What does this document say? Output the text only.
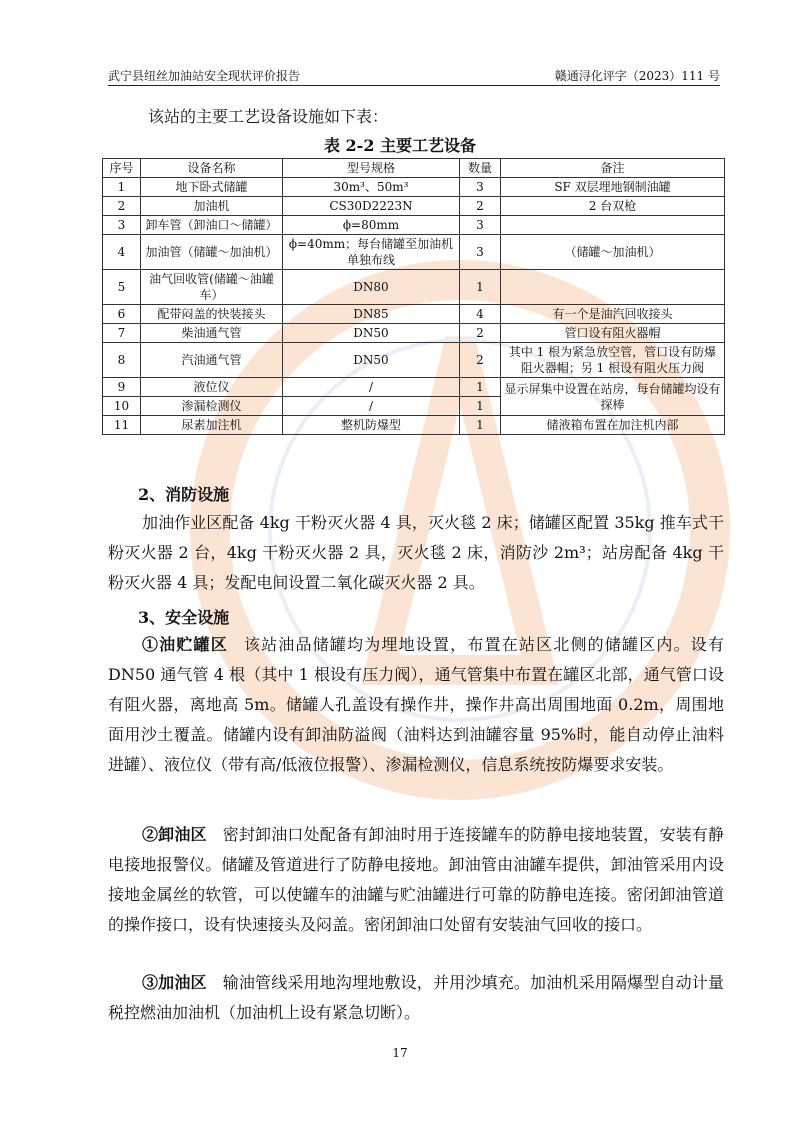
武宁县纽丝加油站安全现状评价报告	赣通浔化评字（2023）111 号
该站的主要工艺设备设施如下表：
表 2-2 主要工艺设备
序号	设备名称	型号规格	数量	备注
1	地下卧式储罐	30m³、50m³	3	SF 双层埋地钢制油罐
2	加油机	CS30D2223N	2	2 台双枪
3	卸车管（卸油口～储罐）	ϕ=80mm	3	
4	加油管（储罐～加油机）	ϕ=40mm；每台储罐至加油机单独布线	3	（储罐～加油机）
5	油气回收管(储罐～油罐车）	DN80	1	
6	配带闷盖的快装接头	DN85	4	有一个是油汽回收接头
7	柴油通气管	DN50	2	管口设有阻火器帽
8	汽油通气管	DN50	2	其中 1 根为紧急放空管，管口设有防爆阻火器帽；另 1 根设有阻火压力阀
9	液位仪	/	1	显示屏集中设置在站房，每台储罐均设有探棒
10	渗漏检测仪	/	1	
11	尿素加注机	整机防爆型	1	储液箱布置在加注机内部
2、消防设施
加油作业区配备 4kg 干粉灭火器 4 具，灭火毯 2 床；储罐区配置 35kg 推车式干粉灭火器 2 台，4kg 干粉灭火器 2 具，灭火毯 2 床，消防沙 2m³；站房配备 4kg 干粉灭火器 4 具；发配电间设置二氧化碳灭火器 2 具。
3、安全设施
①油贮罐区 该站油品储罐均为埋地设置，布置在站区北侧的储罐区内。设有 DN50 通气管 4 根（其中 1 根设有压力阀），通气管集中布置在罐区北部，通气管口设有阻火器，离地高 5m。储罐人孔盖设有操作井，操作井高出周围地面 0.2m，周围地面用沙土覆盖。储罐内设有卸油防溢阀（油料达到油罐容量 95%时，能自动停止油料进罐）、液位仪（带有高/低液位报警）、渗漏检测仪，信息系统按防爆要求安装。
②卸油区 密封卸油口处配备有卸油时用于连接罐车的防静电接地装置，安装有静电接地报警仪。储罐及管道进行了防静电接地。卸油管由油罐车提供，卸油管采用内设接地金属丝的软管，可以使罐车的油罐与贮油罐进行可靠的防静电连接。密闭卸油管道的操作接口，设有快速接头及闷盖。密闭卸油口处留有安装油气回收的接口。
③加油区 输油管线采用地沟埋地敷设，并用沙填充。加油机采用隔爆型自动计量税控燃油加油机（加油机上设有紧急切断）。
17
